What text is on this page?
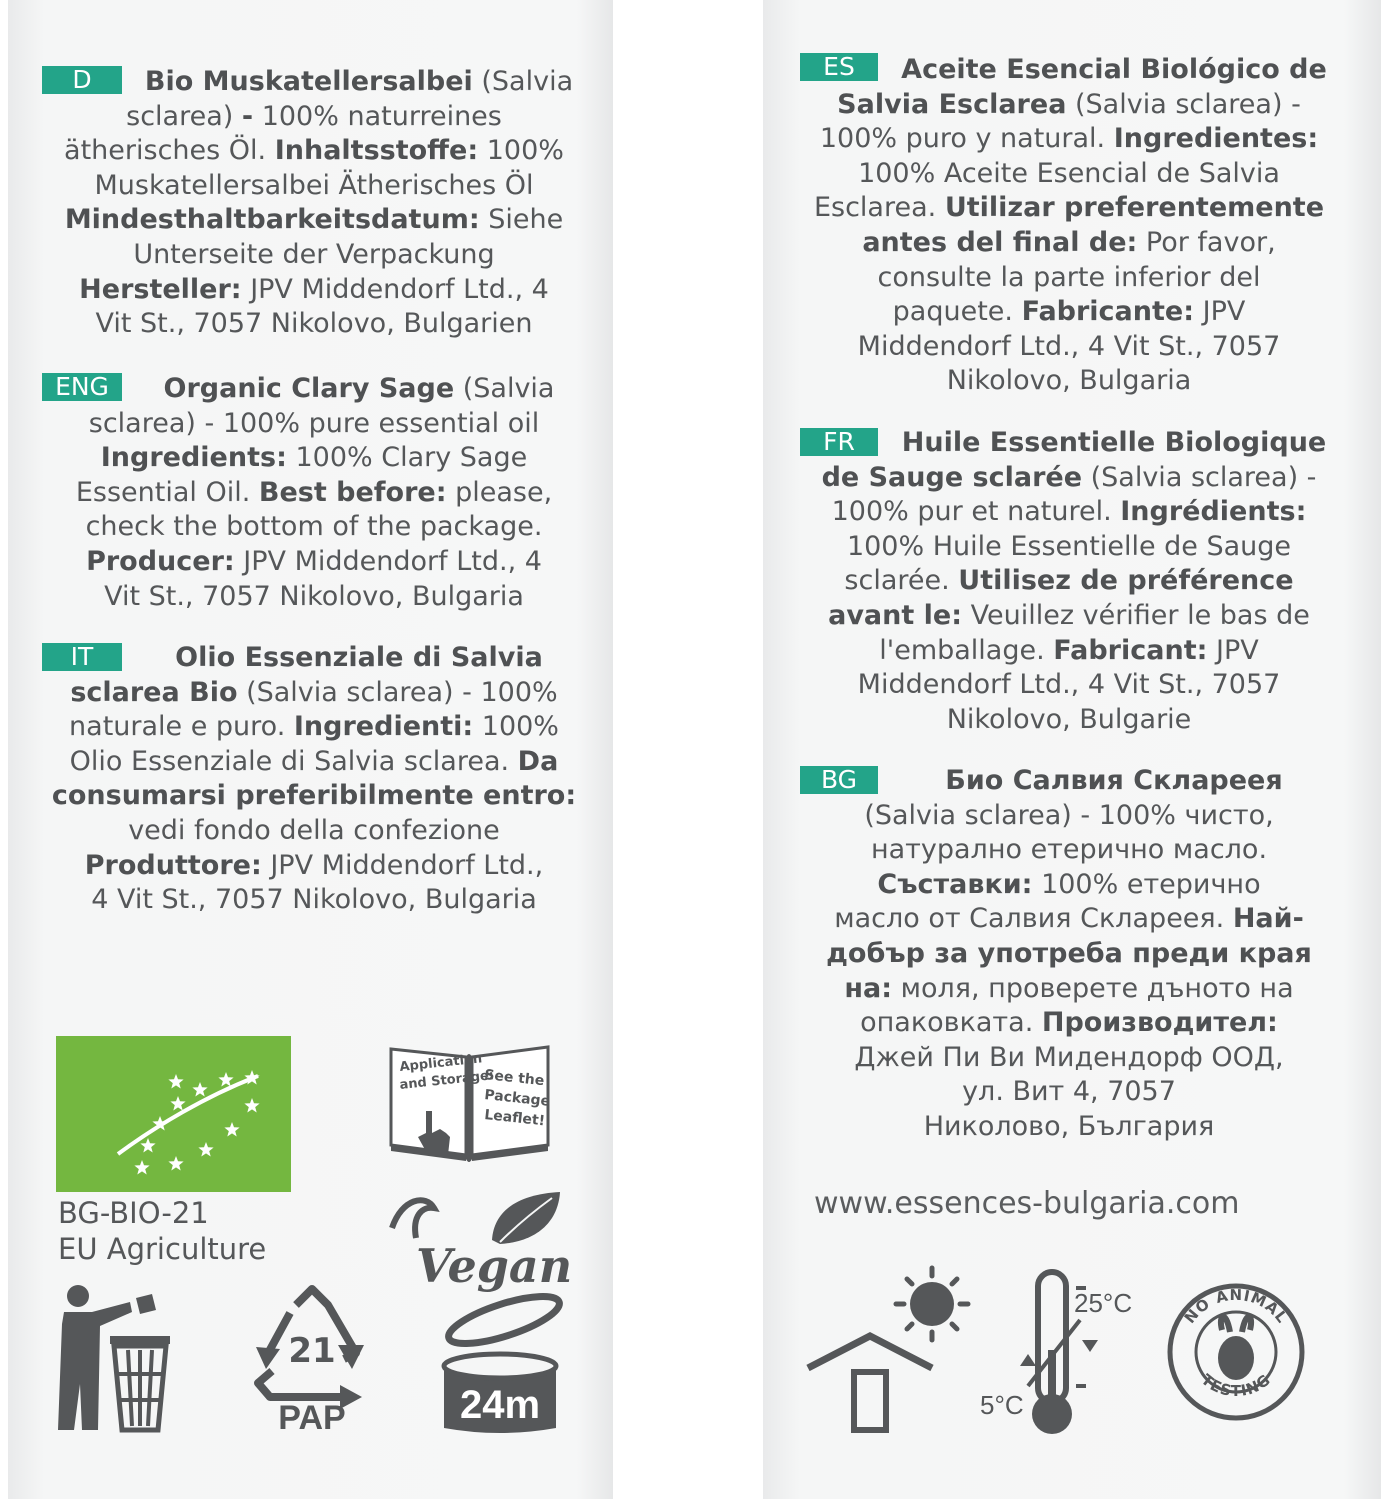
D	Bio Muskatellersalbei (Salvia
sclarea) - 100% naturreines
ätherisches Öl. Inhaltsstoffe: 100%
Muskatellersalbei Ätherisches Öl
Mindesthaltbarkeitsdatum: Siehe
Unterseite der Verpackung
Hersteller: JPV Middendorf Ltd., 4
Vit St., 7057 Nikolovo, Bulgarien
ENG	Organic Clary Sage (Salvia
sclarea) - 100% pure essential oil
Ingredients: 100% Clary Sage
Essential Oil. Best before: please,
check the bottom of the package.
Producer: JPV Middendorf Ltd., 4
Vit St., 7057 Nikolovo, Bulgaria
IT	Olio Essenziale di Salvia
sclarea Bio (Salvia sclarea) - 100%
naturale e puro. Ingredienti: 100%
Olio Essenziale di Salvia sclarea. Da
consumarsi preferibilmente entro:
vedi fondo della confezione
Produttore: JPV Middendorf Ltd.,
4 Vit St., 7057 Nikolovo, Bulgaria
ES	Aceite Esencial Biológico de
Salvia Esclarea (Salvia sclarea) -
100% puro y natural. Ingredientes:
100% Aceite Esencial de Salvia
Esclarea. Utilizar preferentemente
antes del final de: Por favor,
consulte la parte inferior del
paquete. Fabricante: JPV
Middendorf Ltd., 4 Vit St., 7057
Nikolovo, Bulgaria
FR	Huile Essentielle Biologique
de Sauge sclarée (Salvia sclarea) -
100% pur et naturel. Ingrédients:
100% Huile Essentielle de Sauge
sclarée. Utilisez de préférence
avant le: Veuillez vérifier le bas de
l'emballage. Fabricant: JPV
Middendorf Ltd., 4 Vit St., 7057
Nikolovo, Bulgarie
BG	Био Салвия Склареея
(Salvia sclarea) - 100% чисто,
натурално етерично масло.
Съставки: 100% етерично
масло от Салвия Склареея. Най-
добър за употреба преди края
на: моля, проверете дъното на
опаковката. Производител:
Джей Пи Ви Мидендорф ООД,
ул. Вит 4, 7057
Николово, България
BG-BIO-21
EU Agriculture
Application
and Storage:
See the
Package
Leaflet!
Vegan
21
PAP	24m
www.essences-bulgaria.com
25°C
5°C
NO ANIMAL
TESTING
